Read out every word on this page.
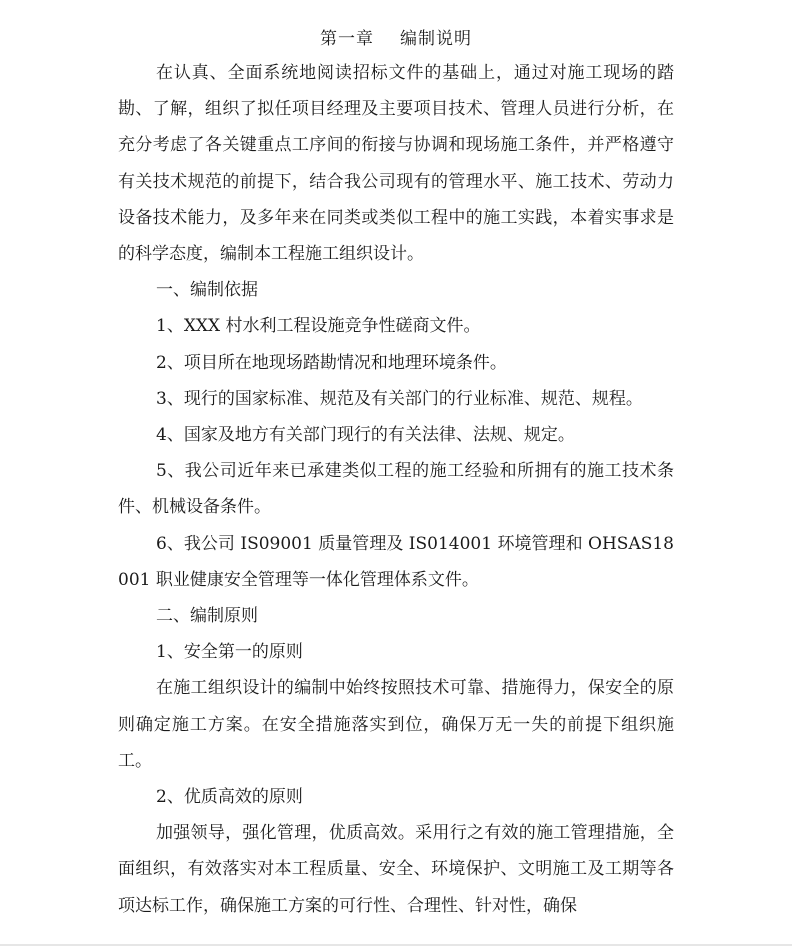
第一章 编制说明

在认真、全面系统地阅读招标文件的基础上，通过对施工现场的踏勘、了解，组织了拟任项目经理及主要项目技术、管理人员进行分析，在充分考虑了各关键重点工序间的衔接与协调和现场施工条件，并严格遵守有关技术规范的前提下，结合我公司现有的管理水平、施工技术、劳动力设备技术能力，及多年来在同类或类似工程中的施工实践，本着实事求是的科学态度，编制本工程施工组织设计。

一、编制依据

1、XXX 村水利工程设施竞争性磋商文件。

2、项目所在地现场踏勘情况和地理环境条件。

3、现行的国家标准、规范及有关部门的行业标准、规范、规程。

4、国家及地方有关部门现行的有关法律、法规、规定。

5、我公司近年来已承建类似工程的施工经验和所拥有的施工技术条件、机械设备条件。

6、我公司 IS09001 质量管理及 IS014001 环境管理和 OHSAS18001 职业健康安全管理等一体化管理体系文件。

二、编制原则

1、安全第一的原则

在施工组织设计的编制中始终按照技术可靠、措施得力，保安全的原则确定施工方案。在安全措施落实到位，确保万无一失的前提下组织施工。

2、优质高效的原则

加强领导，强化管理，优质高效。采用行之有效的施工管理措施，全面组织，有效落实对本工程质量、安全、环境保护、文明施工及工期等各项达标工作，确保施工方案的可行性、合理性、针对性，确保
